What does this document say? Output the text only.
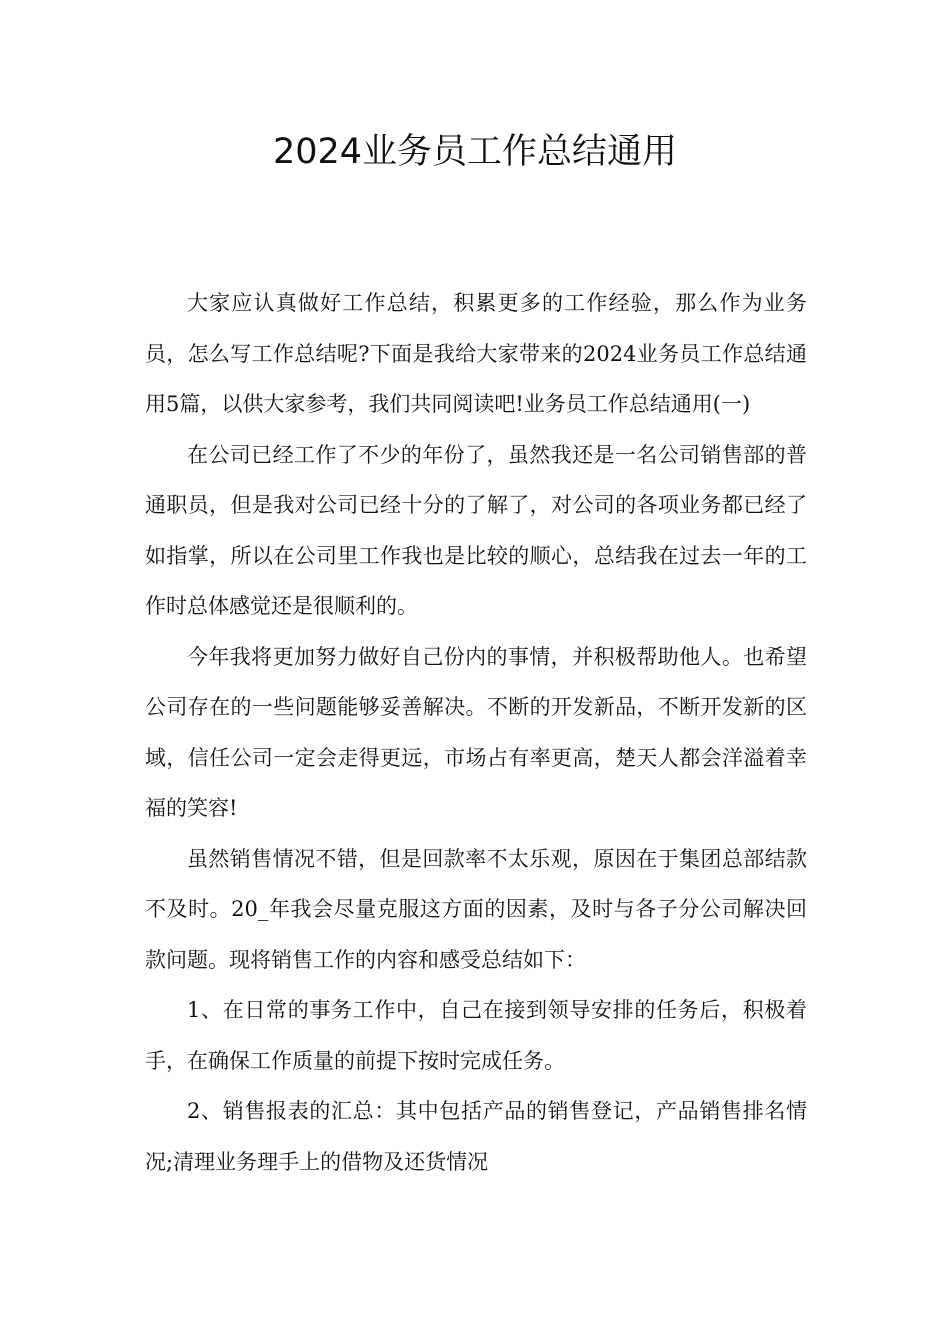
2024业务员工作总结通用

大家应认真做好工作总结，积累更多的工作经验，那么作为业务员，怎么写工作总结呢?下面是我给大家带来的2024业务员工作总结通用5篇，以供大家参考，我们共同阅读吧!业务员工作总结通用(一)

在公司已经工作了不少的年份了，虽然我还是一名公司销售部的普通职员，但是我对公司已经十分的了解了，对公司的各项业务都已经了如指掌，所以在公司里工作我也是比较的顺心，总结我在过去一年的工作时总体感觉还是很顺利的。

今年我将更加努力做好自己份内的事情，并积极帮助他人。也希望公司存在的一些问题能够妥善解决。不断的开发新品，不断开发新的区域，信任公司一定会走得更远，市场占有率更高，楚天人都会洋溢着幸福的笑容!

虽然销售情况不错，但是回款率不太乐观，原因在于集团总部结款不及时。20_年我会尽量克服这方面的因素，及时与各子分公司解决回款问题。现将销售工作的内容和感受总结如下：

1、在日常的事务工作中，自己在接到领导安排的任务后，积极着手，在确保工作质量的前提下按时完成任务。

2、销售报表的汇总：其中包括产品的销售登记，产品销售排名情况;清理业务理手上的借物及还货情况
